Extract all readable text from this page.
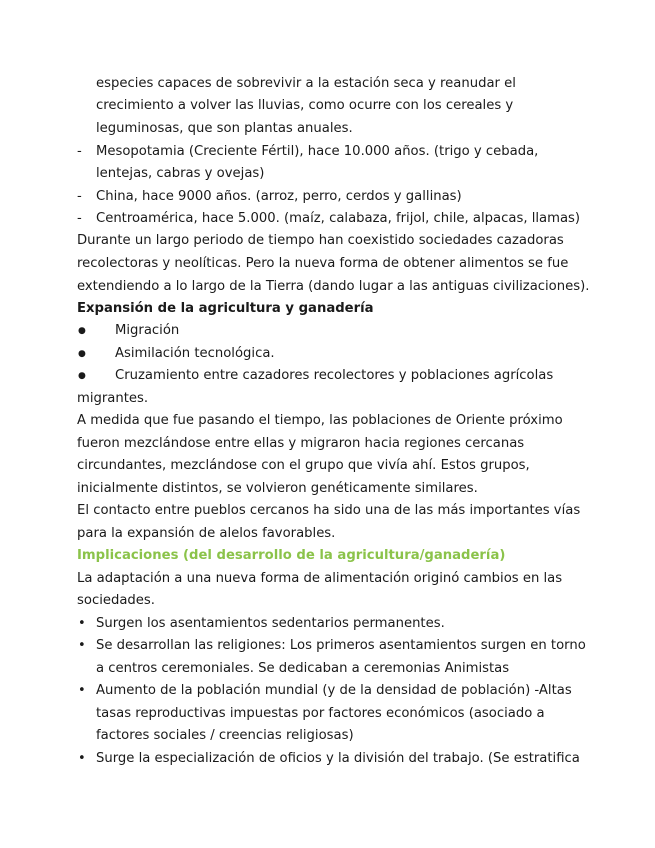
especies capaces de sobrevivir a la estación seca y reanudar el
crecimiento a volver las lluvias, como ocurre con los cereales y
leguminosas, que son plantas anuales.
- Mesopotamia (Creciente Fértil), hace 10.000 años. (trigo y cebada,
lentejas, cabras y ovejas)
- China, hace 9000 años. (arroz, perro, cerdos y gallinas)
- Centroamérica, hace 5.000. (maíz, calabaza, frijol, chile, alpacas, llamas)
Durante un largo periodo de tiempo han coexistido sociedades cazadoras
recolectoras y neolíticas. Pero la nueva forma de obtener alimentos se fue
extendiendo a lo largo de la Tierra (dando lugar a las antiguas civilizaciones).
Expansión de la agricultura y ganadería
● Migración
● Asimilación tecnológica.
● Cruzamiento entre cazadores recolectores y poblaciones agrícolas
migrantes.
A medida que fue pasando el tiempo, las poblaciones de Oriente próximo
fueron mezclándose entre ellas y migraron hacia regiones cercanas
circundantes, mezclándose con el grupo que vivía ahí. Estos grupos,
inicialmente distintos, se volvieron genéticamente similares.
El contacto entre pueblos cercanos ha sido una de las más importantes vías
para la expansión de alelos favorables.
Implicaciones (del desarrollo de la agricultura/ganadería)
La adaptación a una nueva forma de alimentación originó cambios en las
sociedades.
• Surgen los asentamientos sedentarios permanentes.
• Se desarrollan las religiones: Los primeros asentamientos surgen en torno
a centros ceremoniales. Se dedicaban a ceremonias Animistas
• Aumento de la población mundial (y de la densidad de población) -Altas
tasas reproductivas impuestas por factores económicos (asociado a
factores sociales / creencias religiosas)
• Surge la especialización de oficios y la división del trabajo. (Se estratifica
